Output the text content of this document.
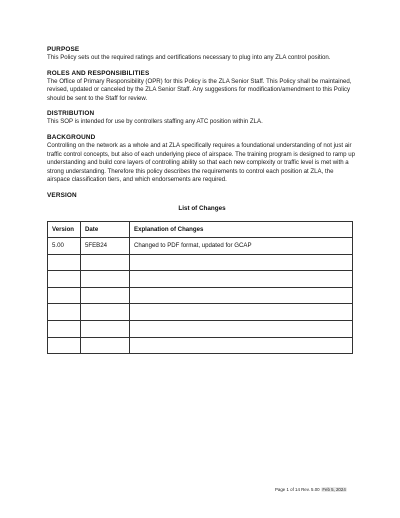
PURPOSE

This Policy sets out the required ratings and certifications necessary to plug into any ZLA control position.

ROLES AND RESPONSIBILITIES

The Office of Primary Responsibility (OPR) for this Policy is the ZLA Senior Staff. This Policy shall be maintained, revised, updated or canceled by the ZLA Senior Staff. Any suggestions for modification/amendment to this Policy should be sent to the Staff for review.

DISTRIBUTION

This SOP is intended for use by controllers staffing any ATC position within ZLA.

BACKGROUND

Controlling on the network as a whole and at ZLA specifically requires a foundational understanding of not just air traffic control concepts, but also of each underlying piece of airspace. The training program is designed to ramp up understanding and build core layers of controlling ability so that each new complexity or traffic level is met with a strong understanding. Therefore this policy describes the requirements to control each position at ZLA, the airspace classification tiers, and which endorsements are required.

VERSION

List of Changes
Version	Date	Explanation of Changes
5.00	5FEB24	Changed to PDF format, updated for GCAP

Page 1 of 14 Rev. 5.00 Feb 5, 2024
